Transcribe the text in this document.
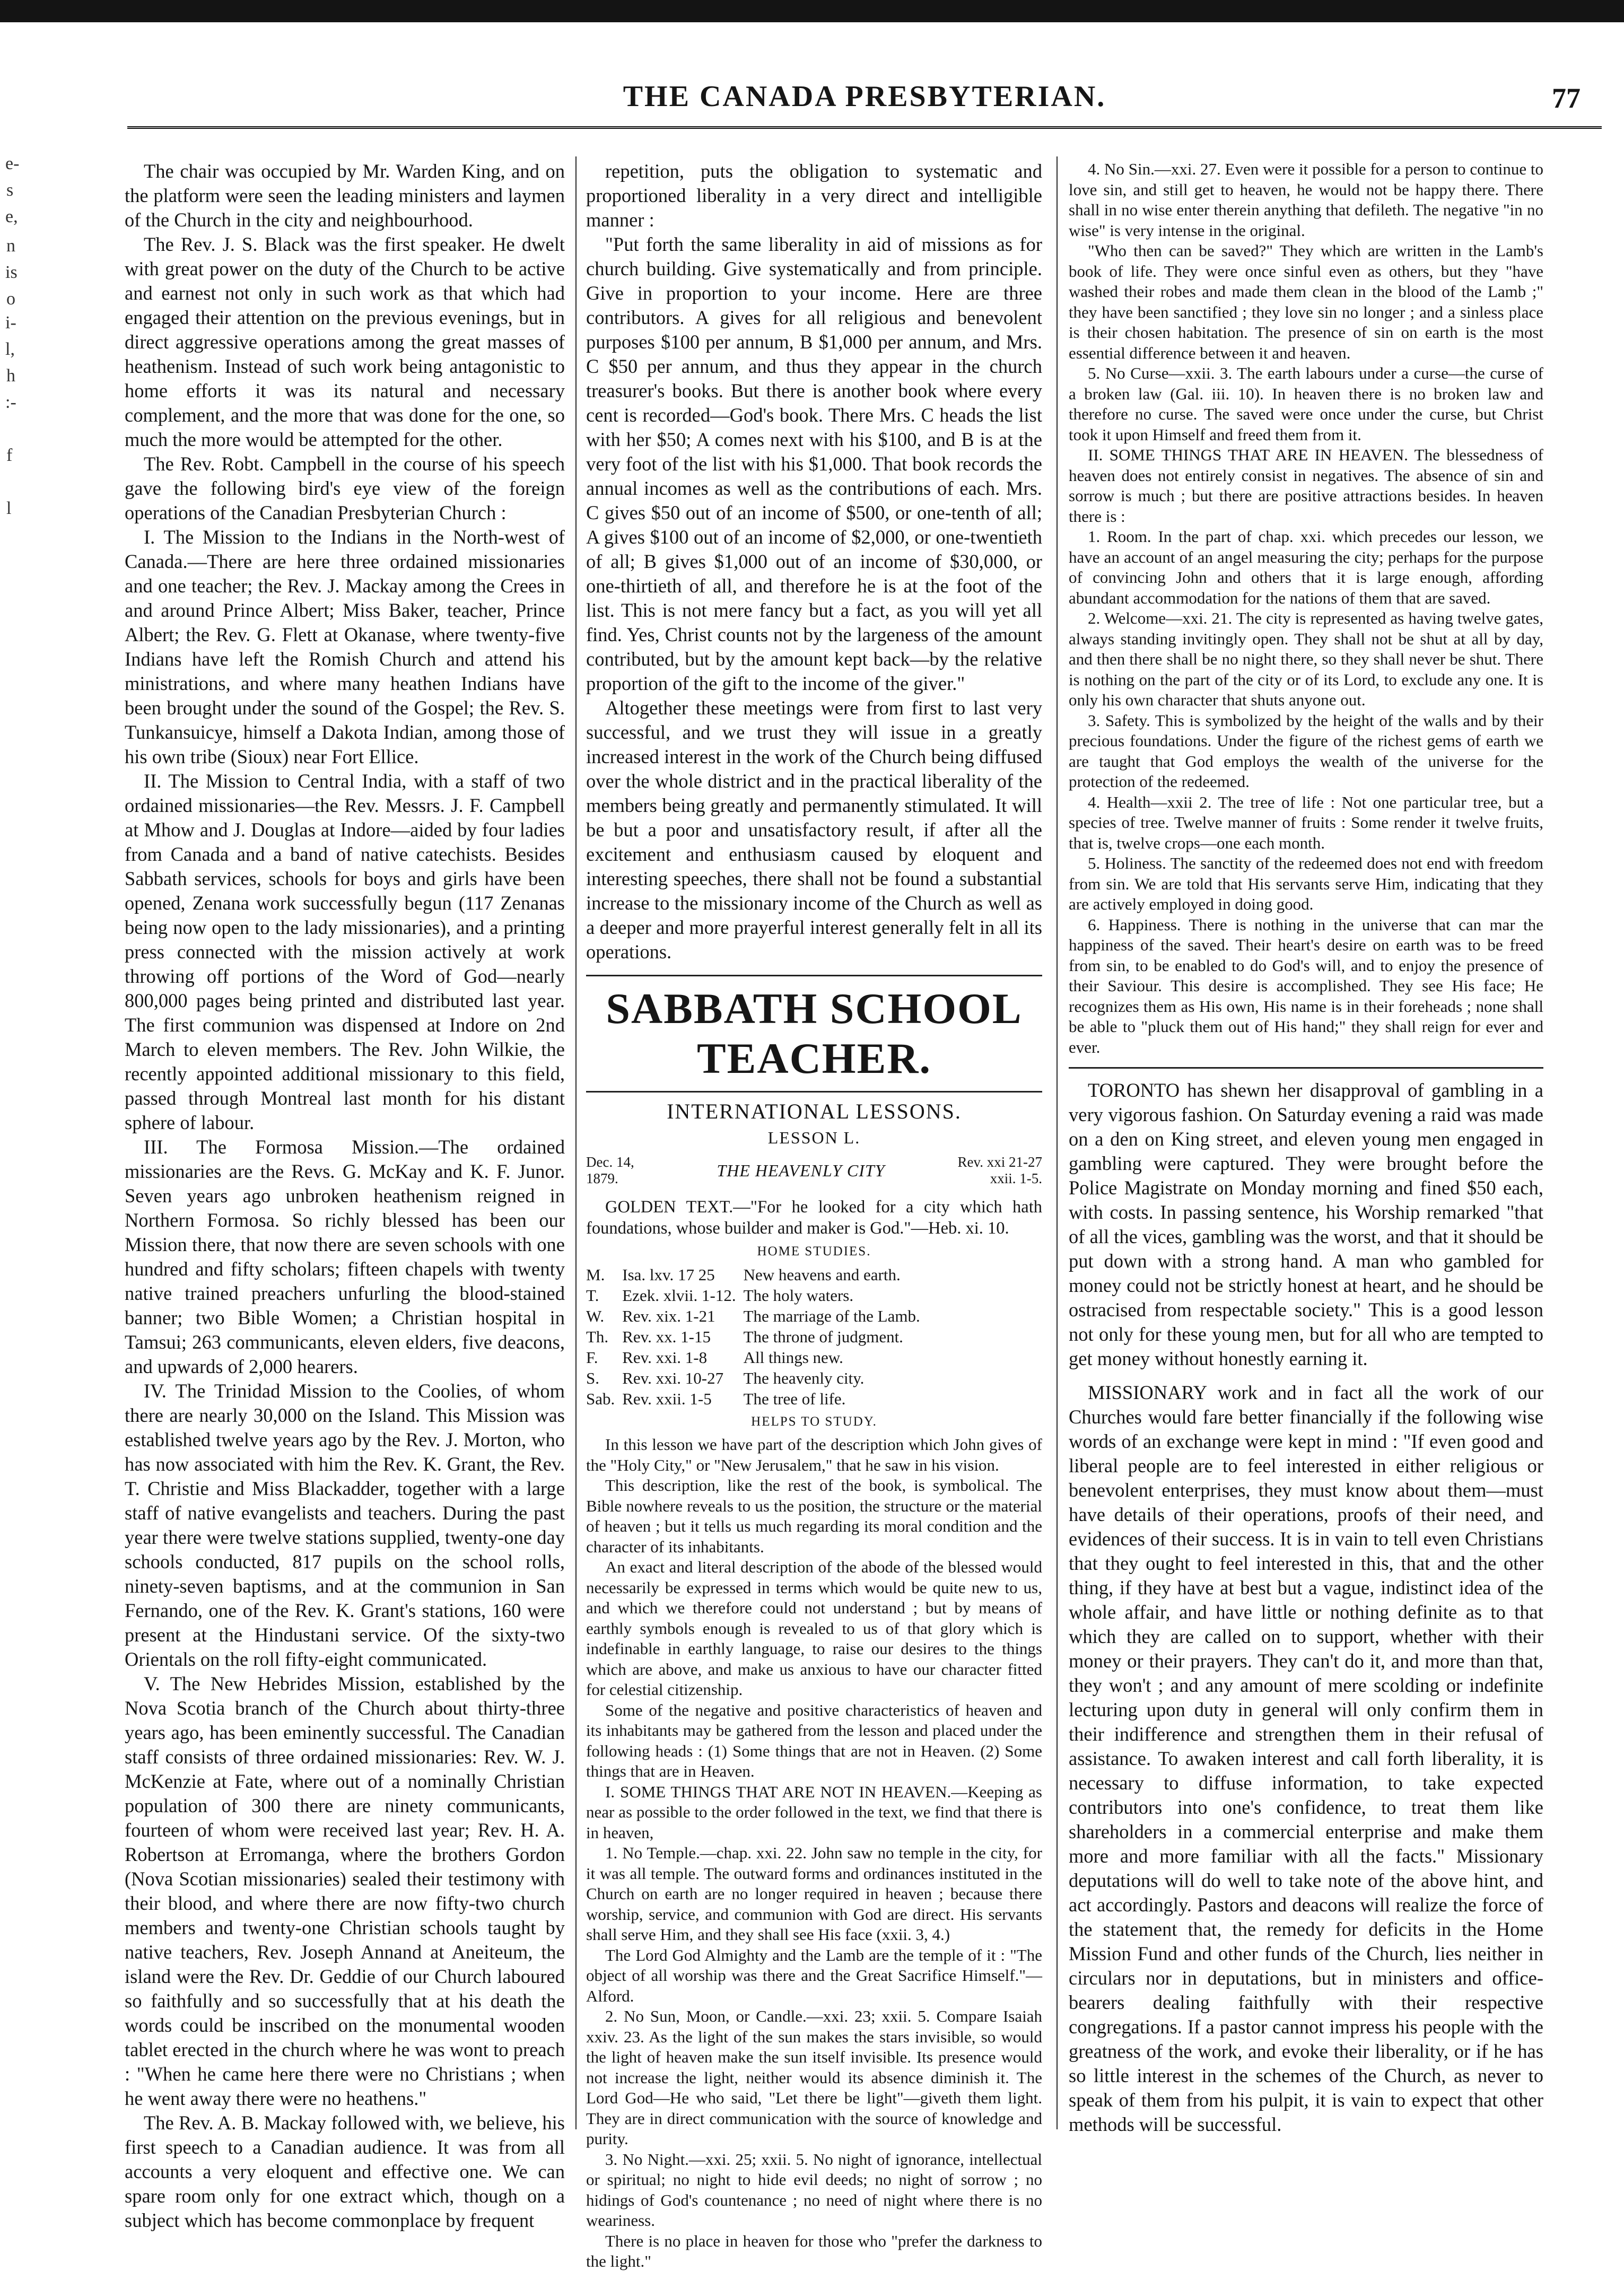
THE CANADA PRESBYTERIAN.	77
e-
s
e,
n
is
o
i-
l,
h
:-
f
l

The chair was occupied by Mr. Warden King, and on the platform were seen the leading ministers and laymen of the Church in the city and neighbourhood.

The Rev. J. S. Black was the first speaker. He dwelt with great power on the duty of the Church to be active and earnest not only in such work as that which had engaged their attention on the previous evenings, but in direct aggressive operations among the great masses of heathenism. Instead of such work being antagonistic to home efforts it was its natural and necessary complement, and the more that was done for the one, so much the more would be attempted for the other.

The Rev. Robt. Campbell in the course of his speech gave the following bird's eye view of the foreign operations of the Canadian Presbyterian Church :

I. The Mission to the Indians in the North-west of Canada.—There are here three ordained missionaries and one teacher; the Rev. J. Mackay among the Crees in and around Prince Albert; Miss Baker, teacher, Prince Albert; the Rev. G. Flett at Okanase, where twenty-five Indians have left the Romish Church and attend his ministrations, and where many heathen Indians have been brought under the sound of the Gospel; the Rev. S. Tunkansuicye, himself a Dakota Indian, among those of his own tribe (Sioux) near Fort Ellice.

II. The Mission to Central India, with a staff of two ordained missionaries—the Rev. Messrs. J. F. Campbell at Mhow and J. Douglas at Indore—aided by four ladies from Canada and a band of native catechists. Besides Sabbath services, schools for boys and girls have been opened, Zenana work successfully begun (117 Zenanas being now open to the lady missionaries), and a printing press connected with the mission actively at work throwing off portions of the Word of God—nearly 800,000 pages being printed and distributed last year. The first communion was dispensed at Indore on 2nd March to eleven members. The Rev. John Wilkie, the recently appointed additional missionary to this field, passed through Montreal last month for his distant sphere of labour.

III. The Formosa Mission.—The ordained missionaries are the Revs. G. McKay and K. F. Junor. Seven years ago unbroken heathenism reigned in Northern Formosa. So richly blessed has been our Mission there, that now there are seven schools with one hundred and fifty scholars; fifteen chapels with twenty native trained preachers unfurling the blood-stained banner; two Bible Women; a Christian hospital in Tamsui; 263 communicants, eleven elders, five deacons, and upwards of 2,000 hearers.

IV. The Trinidad Mission to the Coolies, of whom there are nearly 30,000 on the Island. This Mission was established twelve years ago by the Rev. J. Morton, who has now associated with him the Rev. K. Grant, the Rev. T. Christie and Miss Blackadder, together with a large staff of native evangelists and teachers. During the past year there were twelve stations supplied, twenty-one day schools conducted, 817 pupils on the school rolls, ninety-seven baptisms, and at the communion in San Fernando, one of the Rev. K. Grant's stations, 160 were present at the Hindustani service. Of the sixty-two Orientals on the roll fifty-eight communicated.

V. The New Hebrides Mission, established by the Nova Scotia branch of the Church about thirty-three years ago, has been eminently successful. The Canadian staff consists of three ordained missionaries: Rev. W. J. McKenzie at Fate, where out of a nominally Christian population of 300 there are ninety communicants, fourteen of whom were received last year; Rev. H. A. Robertson at Erromanga, where the brothers Gordon (Nova Scotian missionaries) sealed their testimony with their blood, and where there are now fifty-two church members and twenty-one Christian schools taught by native teachers, Rev. Joseph Annand at Aneiteum, the island were the Rev. Dr. Geddie of our Church laboured so faithfully and so successfully that at his death the words could be inscribed on the monumental wooden tablet erected in the church where he was wont to preach : "When he came here there were no Christians ; when he went away there were no heathens."

The Rev. A. B. Mackay followed with, we believe, his first speech to a Canadian audience. It was from all accounts a very eloquent and effective one. We can spare room only for one extract which, though on a subject which has become commonplace by frequent

repetition, puts the obligation to systematic and proportioned liberality in a very direct and intelligible manner :

"Put forth the same liberality in aid of missions as for church building. Give systematically and from principle. Give in proportion to your income. Here are three contributors. A gives for all religious and benevolent purposes $100 per annum, B $1,000 per annum, and Mrs. C $50 per annum, and thus they appear in the church treasurer's books. But there is another book where every cent is recorded—God's book. There Mrs. C heads the list with her $50; A comes next with his $100, and B is at the very foot of the list with his $1,000. That book records the annual incomes as well as the contributions of each. Mrs. C gives $50 out of an income of $500, or one-tenth of all; A gives $100 out of an income of $2,000, or one-twentieth of all; B gives $1,000 out of an income of $30,000, or one-thirtieth of all, and therefore he is at the foot of the list. This is not mere fancy but a fact, as you will yet all find. Yes, Christ counts not by the largeness of the amount contributed, but by the amount kept back—by the relative proportion of the gift to the income of the giver."

Altogether these meetings were from first to last very successful, and we trust they will issue in a greatly increased interest in the work of the Church being diffused over the whole district and in the practical liberality of the members being greatly and permanently stimulated. It will be but a poor and unsatisfactory result, if after all the excitement and enthusiasm caused by eloquent and interesting speeches, there shall not be found a substantial increase to the missionary income of the Church as well as a deeper and more prayerful interest generally felt in all its operations.

SABBATH SCHOOL TEACHER.
INTERNATIONAL LESSONS.
LESSON L.
Dec. 14, 1879.	THE HEAVENLY CITY	Rev. xxi 21-27 xxii. 1-5.

GOLDEN TEXT.—"For he looked for a city which hath foundations, whose builder and maker is God."—Heb. xi. 10.

HOME STUDIES.
M.	Isa. lxv. 17 25	New heavens and earth.
T.	Ezek. xlvii. 1-12.	The holy waters.
W.	Rev. xix. 1-21	The marriage of the Lamb.
Th.	Rev. xx. 1-15	The throne of judgment.
F.	Rev. xxi. 1-8	All things new.
S.	Rev. xxi. 10-27	The heavenly city.
Sab.	Rev. xxii. 1-5	The tree of life.
HELPS TO STUDY.

In this lesson we have part of the description which John gives of the "Holy City," or "New Jerusalem," that he saw in his vision.

This description, like the rest of the book, is symbolical. The Bible nowhere reveals to us the position, the structure or the material of heaven ; but it tells us much regarding its moral condition and the character of its inhabitants.

An exact and literal description of the abode of the blessed would necessarily be expressed in terms which would be quite new to us, and which we therefore could not understand ; but by means of earthly symbols enough is revealed to us of that glory which is indefinable in earthly language, to raise our desires to the things which are above, and make us anxious to have our character fitted for celestial citizenship.

Some of the negative and positive characteristics of heaven and its inhabitants may be gathered from the lesson and placed under the following heads : (1) Some things that are not in Heaven. (2) Some things that are in Heaven.

I. SOME THINGS THAT ARE NOT IN HEAVEN.—Keeping as near as possible to the order followed in the text, we find that there is in heaven,

1. No Temple.—chap. xxi. 22. John saw no temple in the city, for it was all temple. The outward forms and ordinances instituted in the Church on earth are no longer required in heaven ; because there worship, service, and communion with God are direct. His servants shall serve Him, and they shall see His face (xxii. 3, 4.)

The Lord God Almighty and the Lamb are the temple of it : "The object of all worship was there and the Great Sacrifice Himself."—Alford.

2. No Sun, Moon, or Candle.—xxi. 23; xxii. 5. Compare Isaiah xxiv. 23. As the light of the sun makes the stars invisible, so would the light of heaven make the sun itself invisible. Its presence would not increase the light, neither would its absence diminish it. The Lord God—He who said, "Let there be light"—giveth them light. They are in direct communication with the source of knowledge and purity.

3. No Night.—xxi. 25; xxii. 5. No night of ignorance, intellectual or spiritual; no night to hide evil deeds; no night of sorrow ; no hidings of God's countenance ; no need of night where there is no weariness.

There is no place in heaven for those who "prefer the darkness to the light."

4. No Sin.—xxi. 27. Even were it possible for a person to continue to love sin, and still get to heaven, he would not be happy there. There shall in no wise enter therein anything that defileth. The negative "in no wise" is very intense in the original.

"Who then can be saved?" They which are written in the Lamb's book of life. They were once sinful even as others, but they "have washed their robes and made them clean in the blood of the Lamb ;" they have been sanctified ; they love sin no longer ; and a sinless place is their chosen habitation. The presence of sin on earth is the most essential difference between it and heaven.

5. No Curse—xxii. 3. The earth labours under a curse—the curse of a broken law (Gal. iii. 10). In heaven there is no broken law and therefore no curse. The saved were once under the curse, but Christ took it upon Himself and freed them from it.

II. SOME THINGS THAT ARE IN HEAVEN. The blessedness of heaven does not entirely consist in negatives. The absence of sin and sorrow is much ; but there are positive attractions besides. In heaven there is :

1. Room. In the part of chap. xxi. which precedes our lesson, we have an account of an angel measuring the city; perhaps for the purpose of convincing John and others that it is large enough, affording abundant accommodation for the nations of them that are saved.

2. Welcome—xxi. 21. The city is represented as having twelve gates, always standing invitingly open. They shall not be shut at all by day, and then there shall be no night there, so they shall never be shut. There is nothing on the part of the city or of its Lord, to exclude any one. It is only his own character that shuts anyone out.

3. Safety. This is symbolized by the height of the walls and by their precious foundations. Under the figure of the richest gems of earth we are taught that God employs the wealth of the universe for the protection of the redeemed.

4. Health—xxii 2. The tree of life : Not one particular tree, but a species of tree. Twelve manner of fruits : Some render it twelve fruits, that is, twelve crops—one each month.

5. Holiness. The sanctity of the redeemed does not end with freedom from sin. We are told that His servants serve Him, indicating that they are actively employed in doing good.

6. Happiness. There is nothing in the universe that can mar the happiness of the saved. Their heart's desire on earth was to be freed from sin, to be enabled to do God's will, and to enjoy the presence of their Saviour. This desire is accomplished. They see His face; He recognizes them as His own, His name is in their foreheads ; none shall be able to "pluck them out of His hand;" they shall reign for ever and ever.

TORONTO has shewn her disapproval of gambling in a very vigorous fashion. On Saturday evening a raid was made on a den on King street, and eleven young men engaged in gambling were captured. They were brought before the Police Magistrate on Monday morning and fined $50 each, with costs. In passing sentence, his Worship remarked "that of all the vices, gambling was the worst, and that it should be put down with a strong hand. A man who gambled for money could not be strictly honest at heart, and he should be ostracised from respectable society." This is a good lesson not only for these young men, but for all who are tempted to get money without honestly earning it.

MISSIONARY work and in fact all the work of our Churches would fare better financially if the following wise words of an exchange were kept in mind : "If even good and liberal people are to feel interested in either religious or benevolent enterprises, they must know about them—must have details of their operations, proofs of their need, and evidences of their success. It is in vain to tell even Christians that they ought to feel interested in this, that and the other thing, if they have at best but a vague, indistinct idea of the whole affair, and have little or nothing definite as to that which they are called on to support, whether with their money or their prayers. They can't do it, and more than that, they won't ; and any amount of mere scolding or indefinite lecturing upon duty in general will only confirm them in their indifference and strengthen them in their refusal of assistance. To awaken interest and call forth liberality, it is necessary to diffuse information, to take expected contributors into one's confidence, to treat them like shareholders in a commercial enterprise and make them more and more familiar with all the facts." Missionary deputations will do well to take note of the above hint, and act accordingly. Pastors and deacons will realize the force of the statement that, the remedy for deficits in the Home Mission Fund and other funds of the Church, lies neither in circulars nor in deputations, but in ministers and office-bearers dealing faithfully with their respective congregations. If a pastor cannot impress his people with the greatness of the work, and evoke their liberality, or if he has so little interest in the schemes of the Church, as never to speak of them from his pulpit, it is vain to expect that other methods will be successful.
